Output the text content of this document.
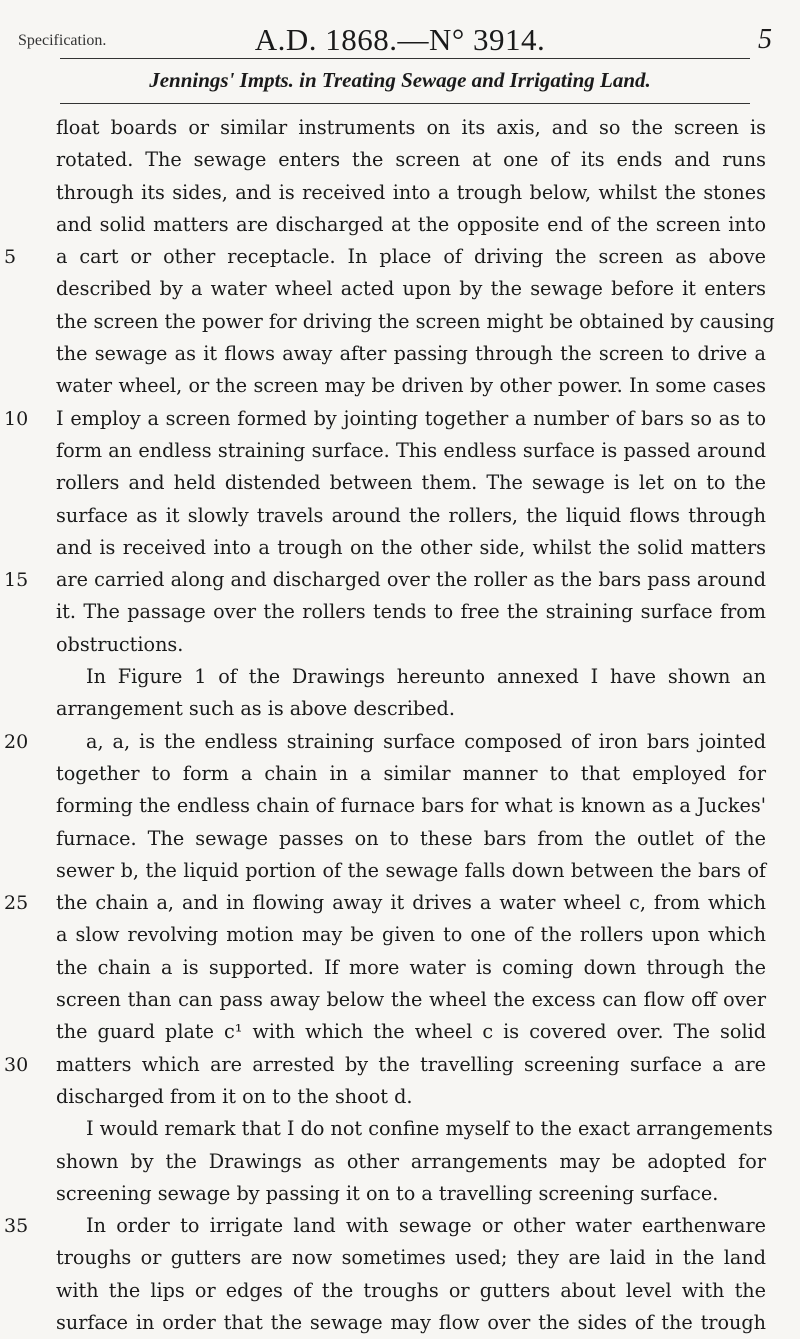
Specification.	A.D. 1868.—N° 3914.	5
Jennings' Impts. in Treating Sewage and Irrigating Land.
float boards or similar instruments on its axis, and so the screen is
rotated. The sewage enters the screen at one of its ends and runs
through its sides, and is received into a trough below, whilst the stones
and solid matters are discharged at the opposite end of the screen into
5	a cart or other receptacle. In place of driving the screen as above
described by a water wheel acted upon by the sewage before it enters
the screen the power for driving the screen might be obtained by causing
the sewage as it flows away after passing through the screen to drive a
water wheel, or the screen may be driven by other power. In some cases
10	I employ a screen formed by jointing together a number of bars so as to
form an endless straining surface. This endless surface is passed around
rollers and held distended between them. The sewage is let on to the
surface as it slowly travels around the rollers, the liquid flows through
and is received into a trough on the other side, whilst the solid matters
15	are carried along and discharged over the roller as the bars pass around
it. The passage over the rollers tends to free the straining surface from
obstructions.
In Figure 1 of the Drawings hereunto annexed I have shown an
arrangement such as is above described.
20	a, a, is the endless straining surface composed of iron bars jointed
together to form a chain in a similar manner to that employed for
forming the endless chain of furnace bars for what is known as a Juckes'
furnace. The sewage passes on to these bars from the outlet of the
sewer b, the liquid portion of the sewage falls down between the bars of
25	the chain a, and in flowing away it drives a water wheel c, from which
a slow revolving motion may be given to one of the rollers upon which
the chain a is supported. If more water is coming down through the
screen than can pass away below the wheel the excess can flow off over
the guard plate c¹ with which the wheel c is covered over. The solid
30	matters which are arrested by the travelling screening surface a are
discharged from it on to the shoot d.
I would remark that I do not confine myself to the exact arrangements
shown by the Drawings as other arrangements may be adopted for
screening sewage by passing it on to a travelling screening surface.
35	In order to irrigate land with sewage or other water earthenware
troughs or gutters are now sometimes used; they are laid in the land
with the lips or edges of the troughs or gutters about level with the
surface in order that the sewage may flow over the sides of the trough
